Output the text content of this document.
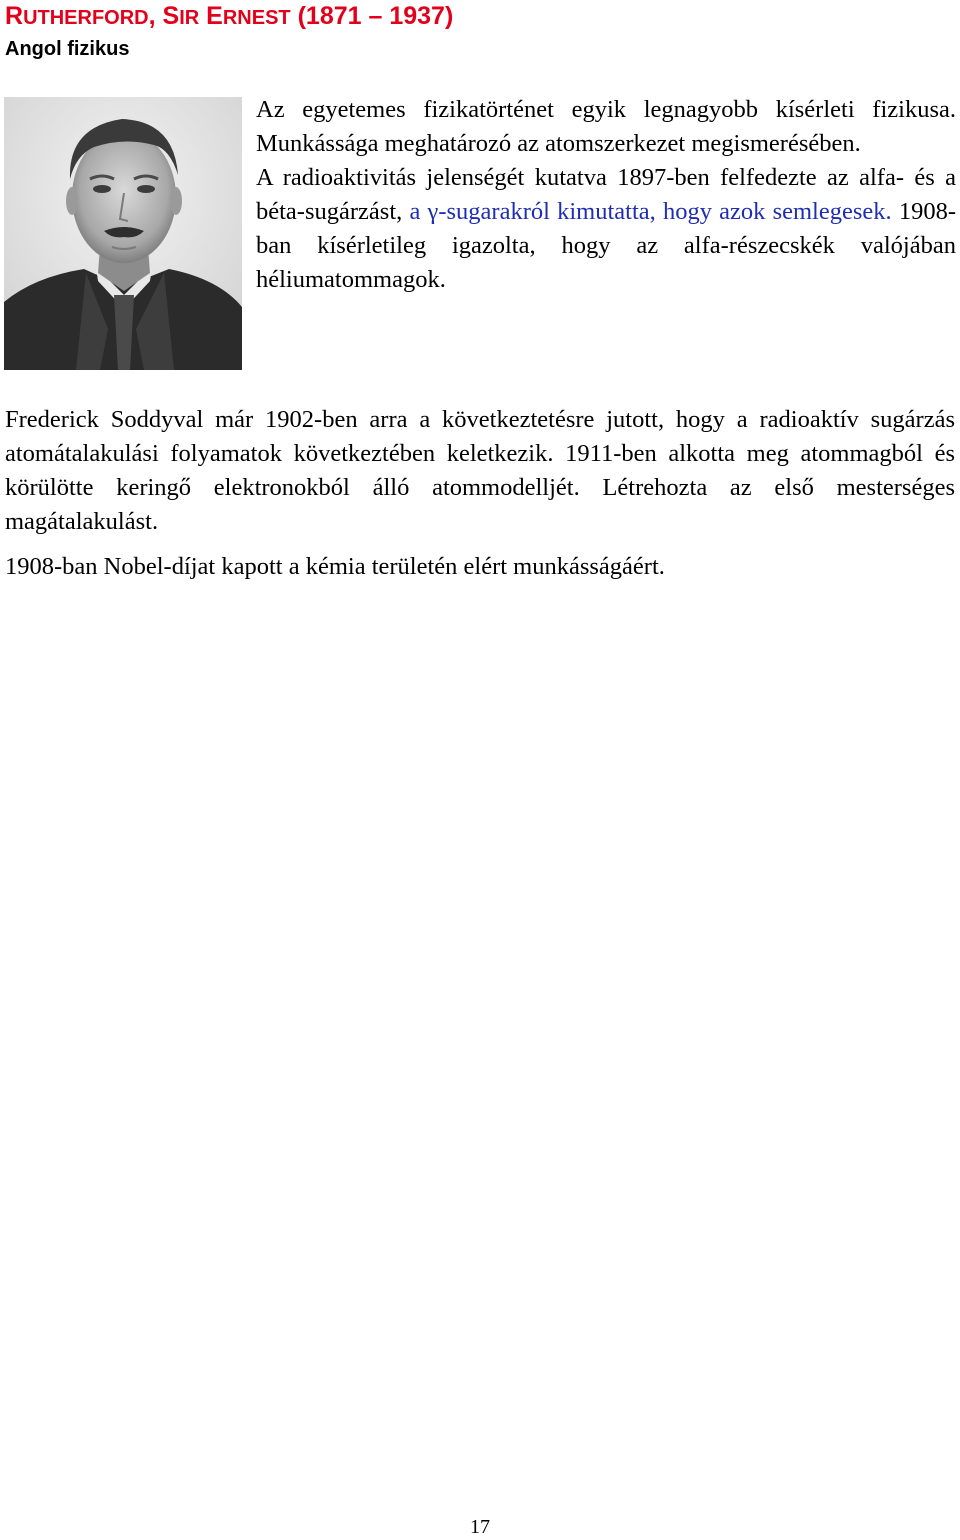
RUTHERFORD, SIR ERNEST (1871 – 1937)
Angol fizikus

Az egyetemes fizikatörténet egyik legnagyobb kísérleti fizikusa. Munkássága meghatározó az atomszerkezet megismerésében.

A radioaktivitás jelenségét kutatva 1897-ben felfedezte az alfa- és a béta-sugárzást, a γ-sugarakról kimutatta, hogy azok semlegesek. 1908-ban kísérletileg igazolta, hogy az alfa-részecskék valójában héliumatommagok.

Frederick Soddyval már 1902-ben arra a következtetésre jutott, hogy a radioaktív sugárzás atomátalakulási folyamatok következtében keletkezik. 1911-ben alkotta meg atommagból és körülötte keringő elektronokból álló atommodelljét. Létrehozta az első mesterséges magátalakulást.

1908-ban Nobel-díjat kapott a kémia területén elért munkásságáért.

17
